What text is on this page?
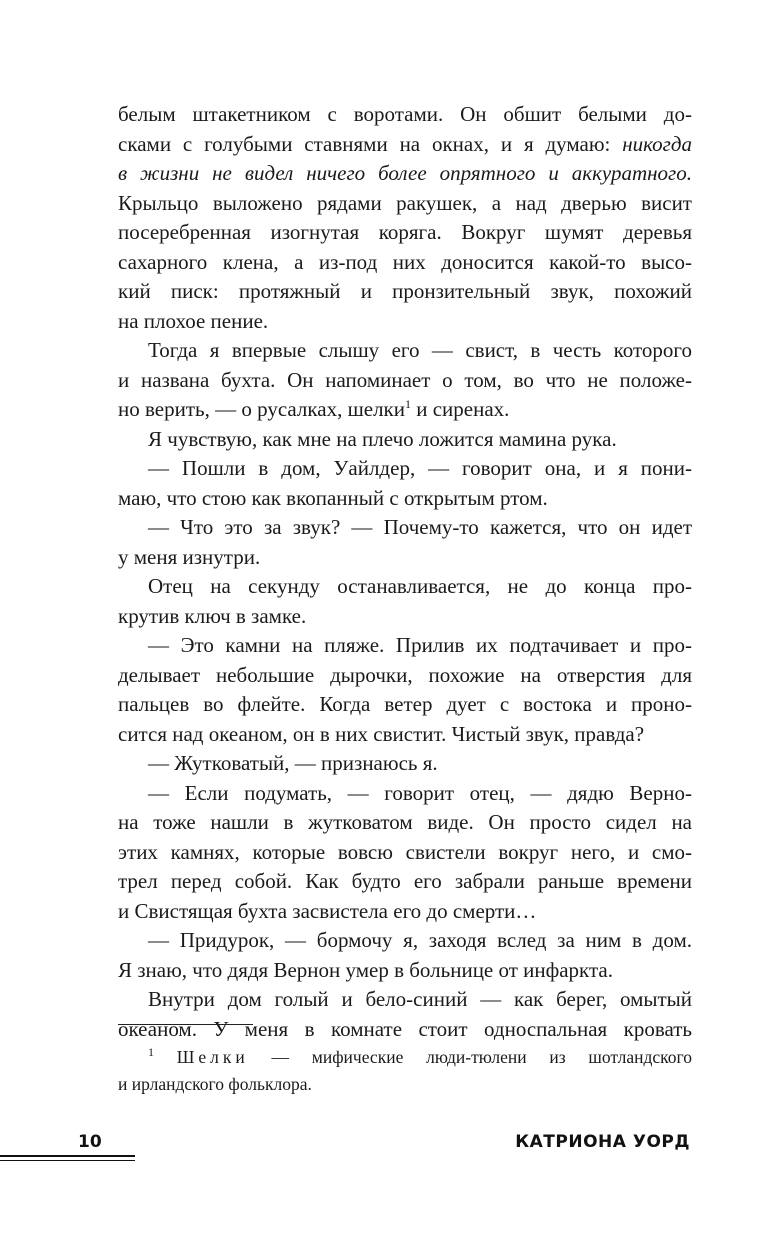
белым штакетником с воротами. Он обшит белыми до-
сками с голубыми ставнями на окнах, и я думаю: никогда
в жизни не видел ничего более опрятного и аккуратного.
Крыльцо выложено рядами ракушек, а над дверью висит
посеребренная изогнутая коряга. Вокруг шумят деревья
сахарного клена, а из-под них доносится какой-то высо-
кий писк: протяжный и пронзительный звук, похожий
на плохое пение.
Тогда я впервые слышу его — свист, в честь которого
и названа бухта. Он напоминает о том, во что не положе-
но верить, — о русалках, шелки$^1$ и сиренах.
Я чувствую, как мне на плечо ложится мамина рука.
— Пошли в дом, Уайлдер, — говорит она, и я пони-
маю, что стою как вкопанный с открытым ртом.
— Что это за звук? — Почему-то кажется, что он идет
у меня изнутри.
Отец на секунду останавливается, не до конца про-
крутив ключ в замке.
— Это камни на пляже. Прилив их подтачивает и про-
делывает небольшие дырочки, похожие на отверстия для
пальцев во флейте. Когда ветер дует с востока и проно-
сится над океаном, он в них свистит. Чистый звук, правда?
— Жутковатый, — признаюсь я.
— Если подумать, — говорит отец, — дядю Верно-
на тоже нашли в жутковатом виде. Он просто сидел на
этих камнях, которые вовсю свистели вокруг него, и смо-
трел перед собой. Как будто его забрали раньше времени
и Свистящая бухта засвистела его до смерти…
— Придурок, — бормочу я, заходя вслед за ним в дом.
Я знаю, что дядя Вернон умер в больнице от инфаркта.
Внутри дом голый и бело-синий — как берег, омытый
океаном. У меня в комнате стоит односпальная кровать
$^1$ Шелки — мифические люди-тюлени из шотландского
и ирландского фольклора.
10	КАТРИОНА УОРД
